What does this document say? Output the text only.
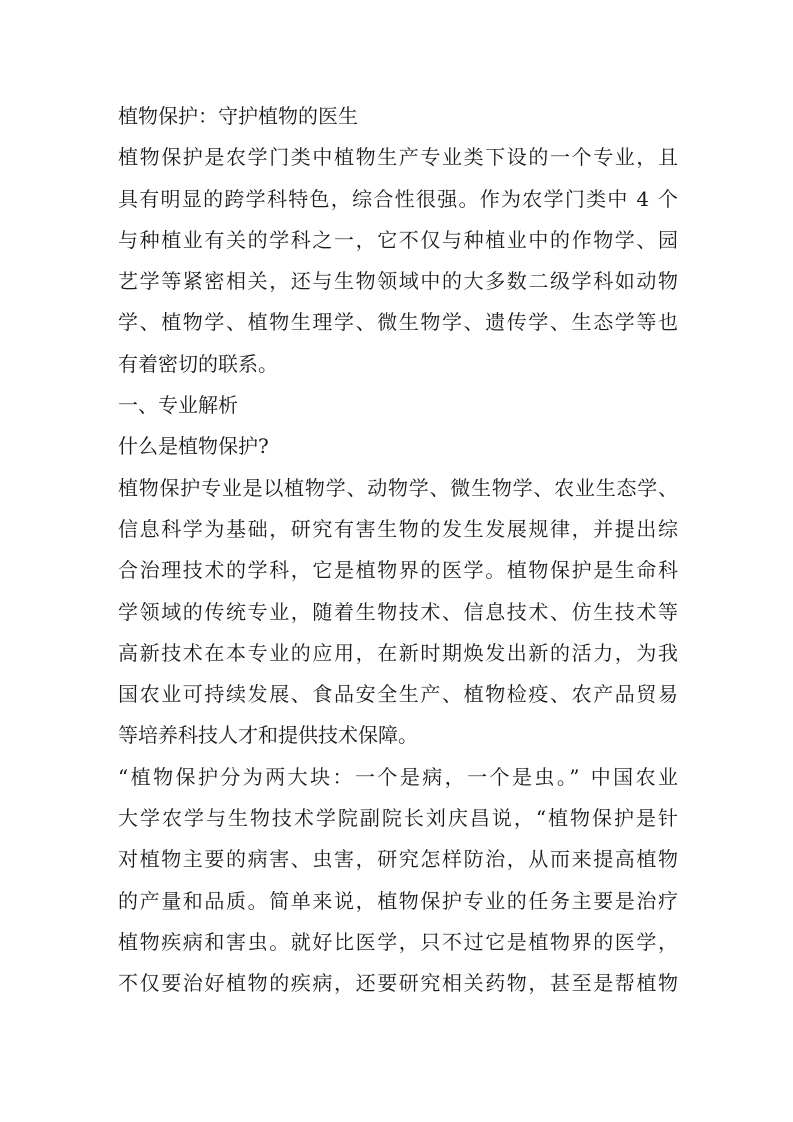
植物保护：守护植物的医生
植物保护是农学门类中植物生产专业类下设的一个专业，且
具有明显的跨学科特色，综合性很强。作为农学门类中 4 个
与种植业有关的学科之一，它不仅与种植业中的作物学、园
艺学等紧密相关，还与生物领域中的大多数二级学科如动物
学、植物学、植物生理学、微生物学、遗传学、生态学等也
有着密切的联系。
一、专业解析
什么是植物保护?
植物保护专业是以植物学、动物学、微生物学、农业生态学、
信息科学为基础，研究有害生物的发生发展规律，并提出综
合治理技术的学科，它是植物界的医学。植物保护是生命科
学领域的传统专业，随着生物技术、信息技术、仿生技术等
高新技术在本专业的应用，在新时期焕发出新的活力，为我
国农业可持续发展、食品安全生产、植物检疫、农产品贸易
等培养科技人才和提供技术保障。
“植物保护分为两大块：一个是病，一个是虫。” 中国农业
大学农学与生物技术学院副院长刘庆昌说，“植物保护是针
对植物主要的病害、虫害，研究怎样防治，从而来提高植物
的产量和品质。简单来说，植物保护专业的任务主要是治疗
植物疾病和害虫。就好比医学，只不过它是植物界的医学，
不仅要治好植物的疾病，还要研究相关药物，甚至是帮植物
